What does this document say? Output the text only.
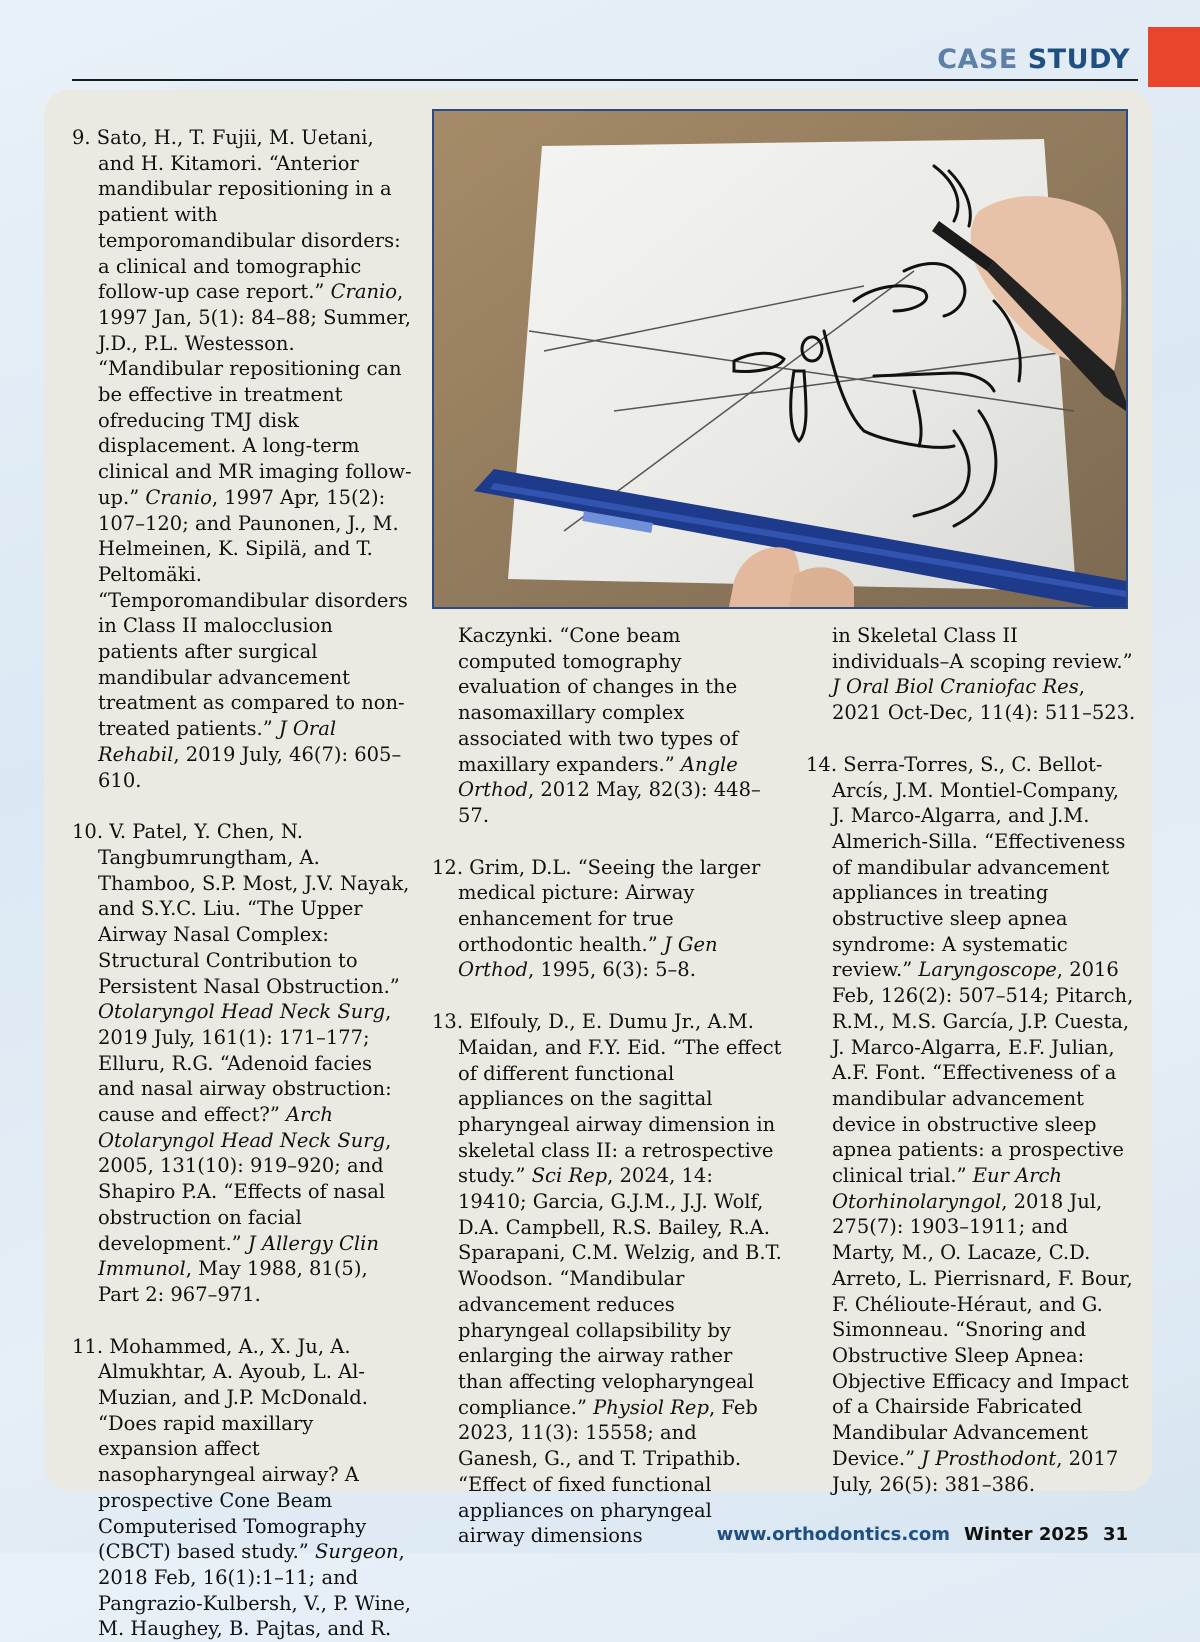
CASE STUDY

9. Sato, H., T. Fujii, M. Uetani, and H. Kitamori. “Anterior mandibular repositioning in a patient with temporomandibular disorders: a clinical and tomographic follow-up case report.” Cranio, 1997 Jan, 5(1): 84–88; Summer, J.D., P.L. Westesson. “Mandibular repositioning can be effective in treatment ofreducing TMJ disk displacement. A long-term clinical and MR imaging follow-up.” Cranio, 1997 Apr, 15(2): 107–120; and Paunonen, J., M. Helmeinen, K. Sipilä, and T. Peltomäki. “Temporomandibular disorders in Class II malocclusion patients after surgical mandibular advancement treatment as compared to non-treated patients.” J Oral Rehabil, 2019 July, 46(7): 605–610.

10. V. Patel, Y. Chen, N. Tangbumrungtham, A. Thamboo, S.P. Most, J.V. Nayak, and S.Y.C. Liu. “The Upper Airway Nasal Complex: Structural Contribution to Persistent Nasal Obstruction.” Otolaryngol Head Neck Surg, 2019 July, 161(1): 171–177; Elluru, R.G. “Adenoid facies and nasal airway obstruction: cause and effect?” Arch Otolaryngol Head Neck Surg, 2005, 131(10): 919–920; and Shapiro P.A. “Effects of nasal obstruction on facial development.” J Allergy Clin Immunol, May 1988, 81(5), Part 2: 967–971.

11. Mohammed, A., X. Ju, A. Almukhtar, A. Ayoub, L. Al-Muzian, and J.P. McDonald. “Does rapid maxillary expansion affect nasopharyngeal airway? A prospective Cone Beam Computerised Tomography (CBCT) based study.” Surgeon, 2018 Feb, 16(1):1–11; and Pangrazio-Kulbersh, V., P. Wine, M. Haughey, B. Pajtas, and R.

Kaczynki. “Cone beam computed tomography evaluation of changes in the nasomaxillary complex associated with two types of maxillary expanders.” Angle Orthod, 2012 May, 82(3): 448–57.

12. Grim, D.L. “Seeing the larger medical picture: Airway enhancement for true orthodontic health.” J Gen Orthod, 1995, 6(3): 5–8.

13. Elfouly, D., E. Dumu Jr., A.M. Maidan, and F.Y. Eid. “The effect of different functional appliances on the sagittal pharyngeal airway dimension in skeletal class II: a retrospective study.” Sci Rep, 2024, 14: 19410; Garcia, G.J.M., J.J. Wolf, D.A. Campbell, R.S. Bailey, R.A. Sparapani, C.M. Welzig, and B.T. Woodson. “Mandibular advancement reduces pharyngeal collapsibility by enlarging the airway rather than affecting velopharyngeal compliance.” Physiol Rep, Feb 2023, 11(3): 15558; and Ganesh, G., and T. Tripathib. “Effect of fixed functional appliances on pharyngeal airway dimensions

in Skeletal Class II individuals–A scoping review.” J Oral Biol Craniofac Res, 2021 Oct-Dec, 11(4): 511–523.

14. Serra-Torres, S., C. Bellot-Arcís, J.M. Montiel-Company, J. Marco-Algarra, and J.M. Almerich-Silla. “Effectiveness of mandibular advancement appliances in treating obstructive sleep apnea syndrome: A systematic review.” Laryngoscope, 2016 Feb, 126(2): 507–514; Pitarch, R.M., M.S. García, J.P. Cuesta, J. Marco-Algarra, E.F. Julian, A.F. Font. “Effectiveness of a mandibular advancement device in obstructive sleep apnea patients: a prospective clinical trial.” Eur Arch Otorhinolaryngol, 2018 Jul, 275(7): 1903–1911; and Marty, M., O. Lacaze, C.D. Arreto, L. Pierrisnard, F. Bour, F. Chélioute-Héraut, and G. Simonneau. “Snoring and Obstructive Sleep Apnea: Objective Efficacy and Impact of a Chairside Fabricated Mandibular Advancement Device.” J Prosthodont, 2017 July, 26(5): 381–386.

www.orthodontics.com Winter 2025 31
